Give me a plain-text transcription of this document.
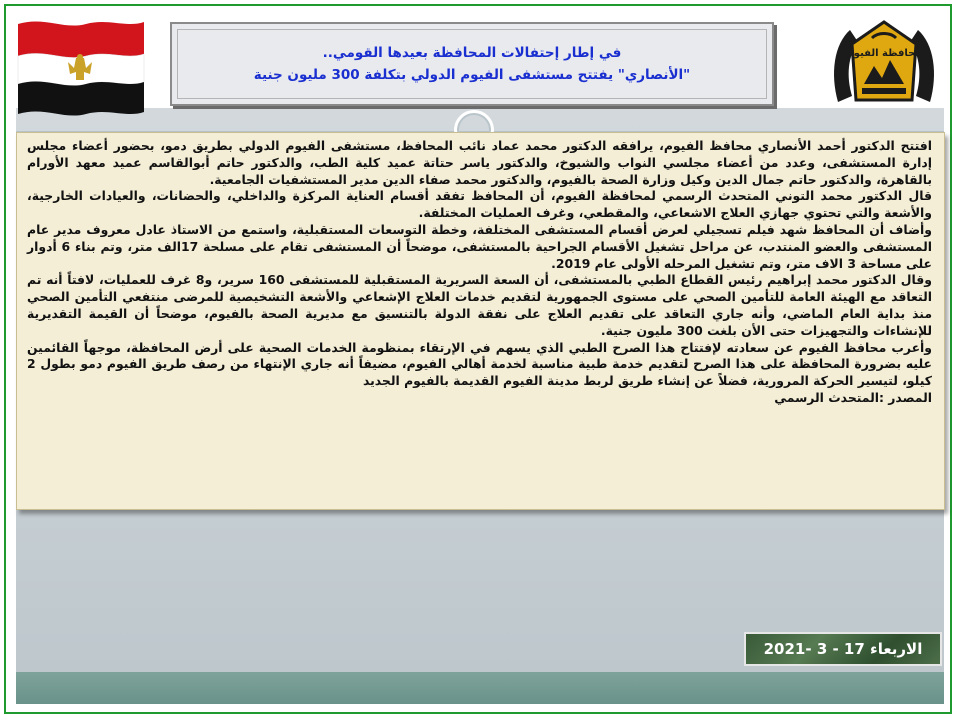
محافظة الفيوم
في إطار إحتفالات المحافظة بعيدها القومي..
"الأنصاري" يفتتح مستشفى الفيوم الدولي بتكلفة 300 مليون جنية

افتتح الدكتور أحمد الأنصاري محافظ الفيوم، يرافقه الدكتور محمد عماد نائب المحافظ، مستشفى الفيوم الدولي بطريق دمو، بحضور أعضاء مجلس إدارة المستشفى، وعدد من أعضاء مجلسي النواب والشيوخ، والدكتور ياسر حتاتة عميد كلية الطب، والدكتور حاتم أبوالقاسم عميد معهد الأورام بالقاهرة، والدكتور حاتم جمال الدين وكيل وزارة الصحة بالفيوم، والدكتور محمد صفاء الدين مدير المستشفيات الجامعية.

قال الدكتور محمد التوني المتحدث الرسمي لمحافظة الفيوم، أن المحافظ تفقد أقسام العناية المركزة والداخلي، والحضانات، والعيادات الخارجية، والأشعة والتي تحتوي جهازي العلاج الاشعاعي، والمقطعي، وغرف العمليات المختلفة.

وأضاف أن المحافظ شهد فيلم تسجيلي لعرض أقسام المستشفى المختلفة، وخطة التوسعات المستقبلية، واستمع من الاستاذ عادل معروف مدير عام المستشفى والعضو المنتدب، عن مراحل تشغيل الأقسام الجراحية بالمستشفى، موضحاً أن المستشفى تقام على مسلحة 17الف متر، وتم بناء 6 أدوار على مساحة 3 الاف متر، وتم تشغيل المرحله الأولى عام 2019.

وقال الدكتور محمد إبراهيم رئيس القطاع الطبي بالمستشفى، أن السعة السريرية المستقبلية للمستشفى 160 سرير، و8 غرف للعمليات، لافتاً أنه تم التعاقد مع الهيئة العامة للتأمين الصحي على مستوى الجمهورية لتقديم خدمات العلاج الإشعاعي والأشعة التشخيصية للمرضى منتفعي التأمين الصحي منذ بداية العام الماضي، وأنه جاري التعاقد على تقديم العلاج على نفقة الدولة بالتنسيق مع مديرية الصحة بالفيوم، موضحاً أن القيمة التقديرية للإنشاءات والتجهيزات حتى الأن بلغت 300 مليون جنية.

وأعرب محافظ الفيوم عن سعادته لإفتتاح هذا الصرح الطبي الذي يسهم في الإرتقاء بمنظومة الخدمات الصحية على أرض المحافظة، موجهاً القائمين عليه بضرورة المحافظة على هذا الصرح لتقديم خدمة طبية مناسبة لخدمة أهالي الفيوم، مضيفاً أنه جاري الإنتهاء من رصف طريق الفيوم دمو بطول 2 كيلو، لتيسير الحركة المرورية، فضلاً عن إنشاء طريق لربط مدينة الفيوم القديمة بالفيوم الجديد

المصدر :المتحدث الرسمي

الاربعاء 17 - 3 -2021
